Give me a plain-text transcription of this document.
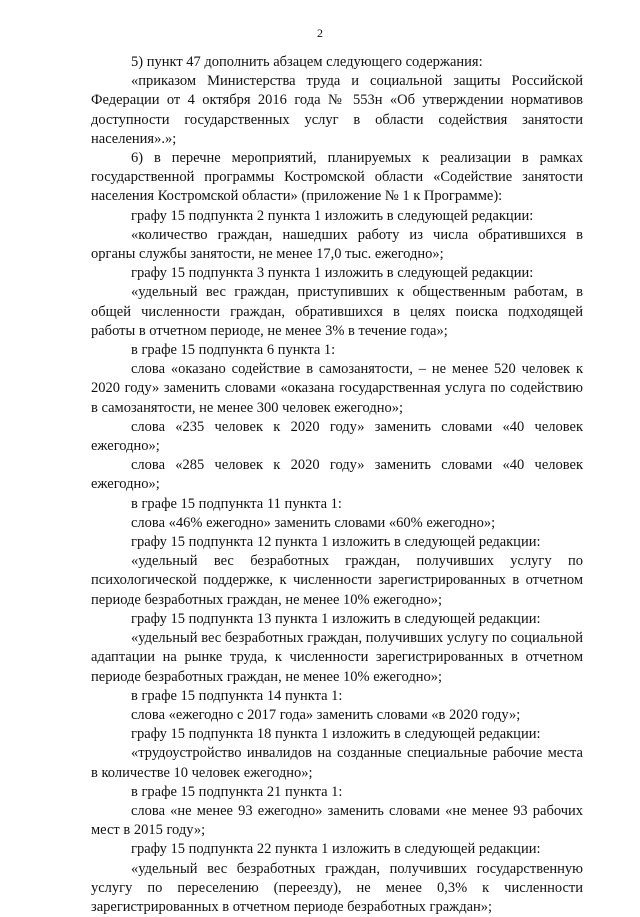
2

5) пункт 47 дополнить абзацем следующего содержания:

«приказом Министерства труда и социальной защиты Российской Федерации от 4 октября 2016 года № 553н «Об утверждении нормативов доступности государственных услуг в области содействия занятости населения».»;

6) в перечне мероприятий, планируемых к реализации в рамках государственной программы Костромской области «Содействие занятости населения Костромской области» (приложение № 1 к Программе):

графу 15 подпункта 2 пункта 1 изложить в следующей редакции:

«количество граждан, нашедших работу из числа обратившихся в органы службы занятости, не менее 17,0 тыс. ежегодно»;

графу 15 подпункта 3 пункта 1 изложить в следующей редакции:

«удельный вес граждан, приступивших к общественным работам, в общей численности граждан, обратившихся в целях поиска подходящей работы в отчетном периоде, не менее 3% в течение года»;

в графе 15 подпункта 6 пункта 1:

слова «оказано содействие в самозанятости, – не менее 520 человек к 2020 году» заменить словами «оказана государственная услуга по содействию в самозанятости, не менее 300 человек ежегодно»;

слова «235 человек к 2020 году» заменить словами «40 человек ежегодно»;

слова «285 человек к 2020 году» заменить словами «40 человек ежегодно»;

в графе 15 подпункта 11 пункта 1:

слова «46% ежегодно» заменить словами «60% ежегодно»;

графу 15 подпункта 12 пункта 1 изложить в следующей редакции:

«удельный вес безработных граждан, получивших услугу по психологической поддержке, к численности зарегистрированных в отчетном периоде безработных граждан, не менее 10% ежегодно»;

графу 15 подпункта 13 пункта 1 изложить в следующей редакции:

«удельный вес безработных граждан, получивших услугу по социальной адаптации на рынке труда, к численности зарегистрированных в отчетном периоде безработных граждан, не менее 10% ежегодно»;

в графе 15 подпункта 14 пункта 1:

слова «ежегодно с 2017 года» заменить словами «в 2020 году»;

графу 15 подпункта 18 пункта 1 изложить в следующей редакции:

«трудоустройство инвалидов на созданные специальные рабочие места в количестве 10 человек ежегодно»;

в графе 15 подпункта 21 пункта 1:

слова «не менее 93 ежегодно» заменить словами «не менее 93 рабочих мест в 2015 году»;

графу 15 подпункта 22 пункта 1 изложить в следующей редакции:

«удельный вес безработных граждан, получивших государственную услугу по переселению (переезду), не менее 0,3% к численности зарегистрированных в отчетном периоде безработных граждан»;
